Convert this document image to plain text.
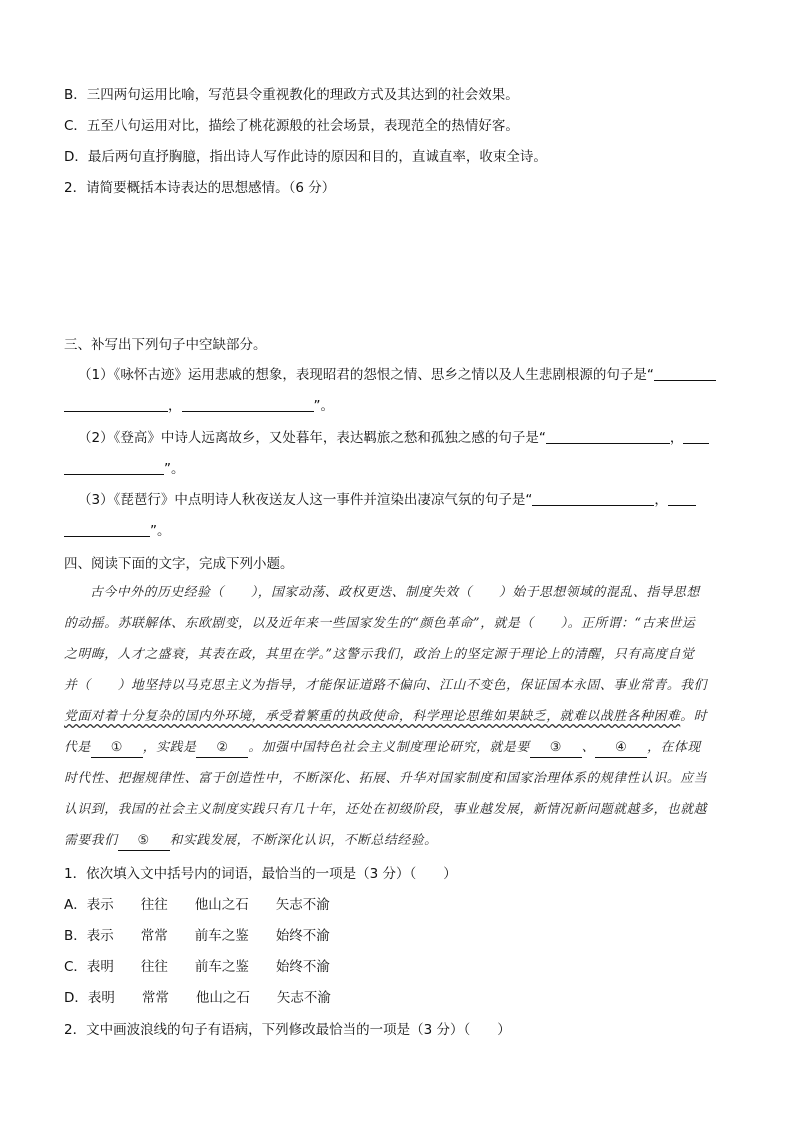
B．三四两句运用比喻，写范县令重视教化的理政方式及其达到的社会效果。
C．五至八句运用对比，描绘了桃花源般的社会场景，表现范全的热情好客。
D．最后两句直抒胸臆，指出诗人写作此诗的原因和目的，直诚直率，收束全诗。
2．请简要概括本诗表达的思想感情。（6 分）
三、补写出下列句子中空缺部分。
（1）《咏怀古迹》运用悲戚的想象，表现昭君的怨恨之情、思乡之情以及人生悲剧根源的句子是“
，	”。
（2）《登高》中诗人远离故乡，又处暮年，表达羁旅之愁和孤独之感的句子是“	，
”。
（3）《琵琶行》中点明诗人秋夜送友人这一事件并渲染出凄凉气氛的句子是“	，
”。
四、阅读下面的文字，完成下列小题。
古今中外的历史经验（　　），国家动荡、政权更迭、制度失效（　　）始于思想领域的混乱、指导思想
的动摇。苏联解体、东欧剧变，以及近年来一些国家发生的“颜色革命”，就是（　　）。正所谓：“古来世运
之明晦，人才之盛衰，其表在政，其里在学。”这警示我们，政治上的坚定源于理论上的清醒，只有高度自觉
并（　　）地坚持以马克思主义为指导，才能保证道路不偏向、江山不变色，保证国本永固、事业常青。我们
党面对着十分复杂的国内外环境，承受着繁重的执政使命，科学理论思维如果缺乏，就难以战胜各种困难。时
代是 ① ，实践是 ② 。加强中国特色社会主义制度理论研究，就是要 ③ 、 ④ ，在体现
时代性、把握规律性、富于创造性中，不断深化、拓展、升华对国家制度和国家治理体系的规律性认识。应当
认识到，我国的社会主义制度实践只有几十年，还处在初级阶段，事业越发展，新情况新问题就越多，也就越
需要我们 ⑤ 和实践发展，不断深化认识，不断总结经验。
1．依次填入文中括号内的词语，最恰当的一项是（3 分）（　　）
A．表示　　往往　　他山之石　　矢志不渝
B．表示　　常常　　前车之鉴　　始终不渝
C．表明　　往往　　前车之鉴　　始终不渝
D．表明　　常常　　他山之石　　矢志不渝
2．文中画波浪线的句子有语病，下列修改最恰当的一项是（3 分）（　　）
